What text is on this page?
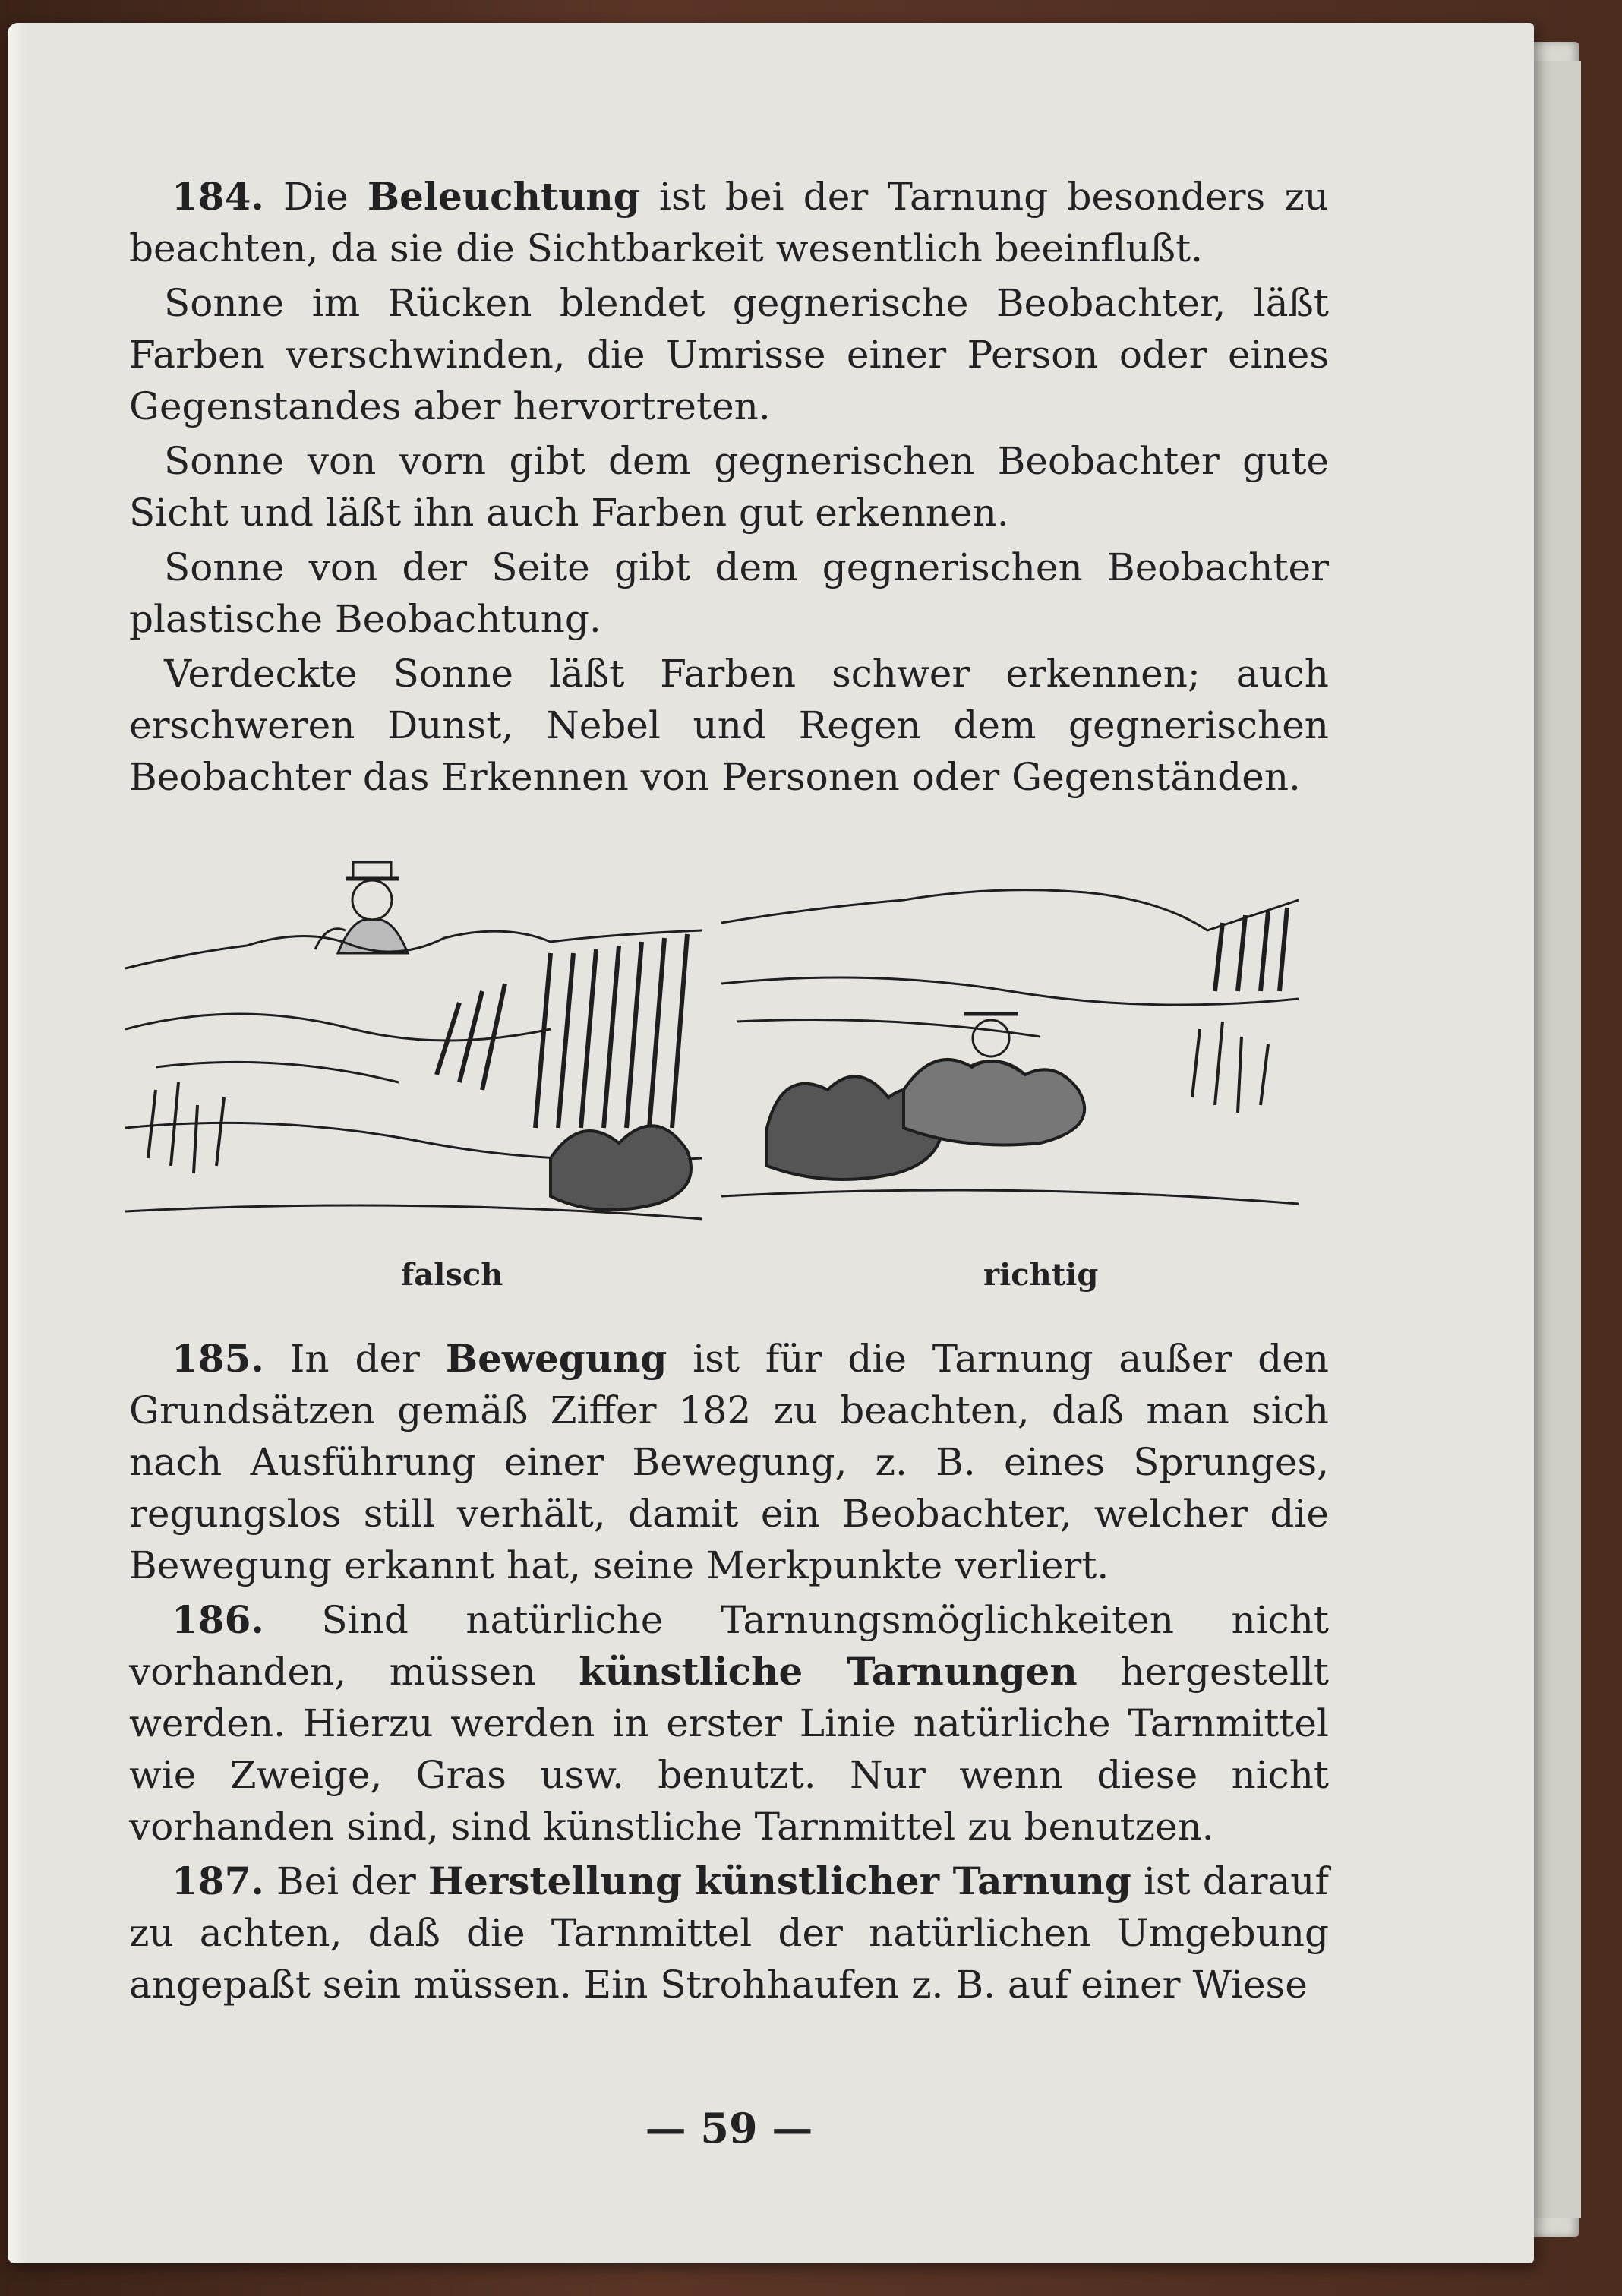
184. Die Beleuchtung ist bei der Tarnung besonders zu beachten, da sie die Sichtbarkeit wesentlich beeinflußt.

Sonne im Rücken blendet gegnerische Beobachter, läßt Farben verschwinden, die Umrisse einer Person oder eines Gegenstandes aber hervortreten.

Sonne von vorn gibt dem gegnerischen Beobachter gute Sicht und läßt ihn auch Farben gut erkennen.

Sonne von der Seite gibt dem gegnerischen Beobachter plastische Beobachtung.

Verdeckte Sonne läßt Farben schwer erkennen; auch erschweren Dunst, Nebel und Regen dem gegnerischen Beobachter das Erkennen von Personen oder Gegenständen.

falsch	richtig

185. In der Bewegung ist für die Tarnung außer den Grundsätzen gemäß Ziffer 182 zu beachten, daß man sich nach Ausführung einer Bewegung, z. B. eines Sprunges, regungslos still verhält, damit ein Beobachter, welcher die Bewegung erkannt hat, seine Merkpunkte verliert.

186. Sind natürliche Tarnungsmöglichkeiten nicht vorhanden, müssen künstliche Tarnungen hergestellt werden. Hierzu werden in erster Linie natürliche Tarnmittel wie Zweige, Gras usw. benutzt. Nur wenn diese nicht vorhanden sind, sind künstliche Tarnmittel zu benutzen.

187. Bei der Herstellung künstlicher Tarnung ist darauf zu achten, daß die Tarnmittel der natürlichen Umgebung angepaßt sein müssen. Ein Strohhaufen z. B. auf einer Wiese

— 59 —
